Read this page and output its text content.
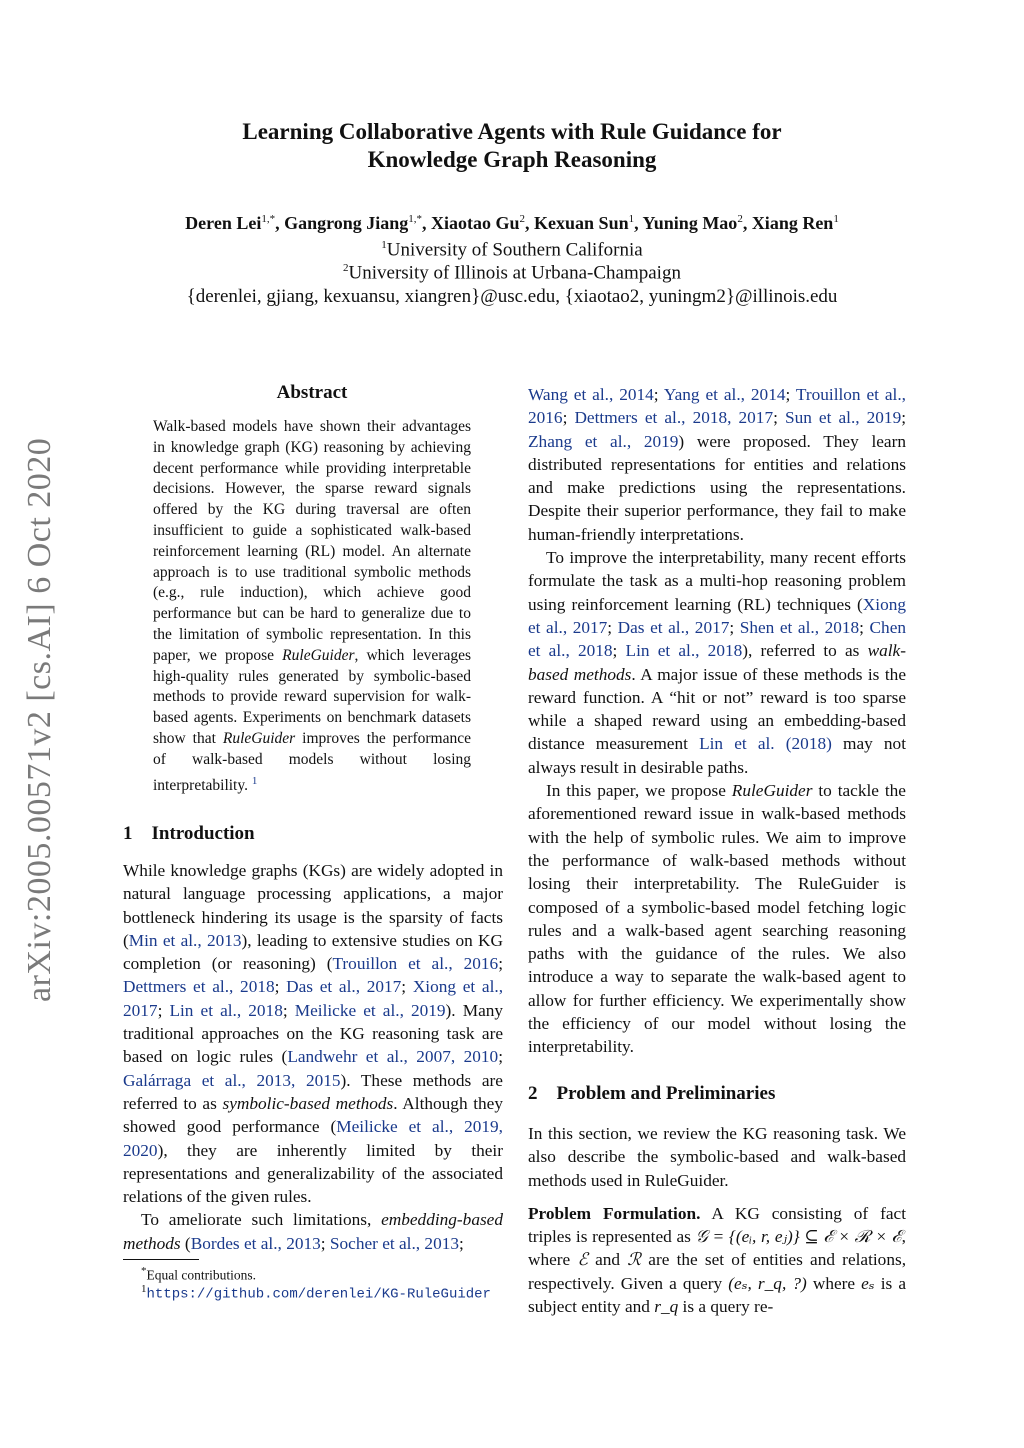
Learning Collaborative Agents with Rule Guidance for
Knowledge Graph Reasoning
Deren Lei$^{1,*}$, Gangrong Jiang$^{1,*}$, Xiaotao Gu$^2$, Kexuan Sun$^1$, Yuning Mao$^2$, Xiang Ren$^1$
$^1$University of Southern California
$^2$University of Illinois at Urbana-Champaign
{derenlei, gjiang, kexuansu, xiangren}@usc.edu, {xiaotao2, yuningm2}@illinois.edu
arXiv:2005.00571v2 [cs.AI] 6 Oct 2020
Abstract
Walk-based models have shown their advantages in knowledge graph (KG) reasoning by achieving decent performance while providing interpretable decisions. However, the sparse reward signals offered by the KG during traversal are often insufficient to guide a sophisticated walk-based reinforcement learning (RL) model. An alternate approach is to use traditional symbolic methods (e.g., rule induction), which achieve good performance but can be hard to generalize due to the limitation of symbolic representation. In this paper, we propose RuleGuider, which leverages high-quality rules generated by symbolic-based methods to provide reward supervision for walk-based agents. Experiments on benchmark datasets show that RuleGuider improves the performance of walk-based models without losing interpretability. $^1$
1 Introduction

While knowledge graphs (KGs) are widely adopted in natural language processing applications, a major bottleneck hindering its usage is the sparsity of facts (Min et al., 2013), leading to extensive studies on KG completion (or reasoning) (Trouillon et al., 2016; Dettmers et al., 2018; Das et al., 2017; Xiong et al., 2017; Lin et al., 2018; Meilicke et al., 2019). Many traditional approaches on the KG reasoning task are based on logic rules (Landwehr et al., 2007, 2010; Galárraga et al., 2013, 2015). These methods are referred to as symbolic-based methods. Although they showed good performance (Meilicke et al., 2019, 2020), they are inherently limited by their representations and generalizability of the associated relations of the given rules.

To ameliorate such limitations, embedding-based methods (Bordes et al., 2013; Socher et al., 2013;

*Equal contributions.
$^1$https://github.com/derenlei/KG-RuleGuider

Wang et al., 2014; Yang et al., 2014; Trouillon et al., 2016; Dettmers et al., 2018, 2017; Sun et al., 2019; Zhang et al., 2019) were proposed. They learn distributed representations for entities and relations and make predictions using the representations. Despite their superior performance, they fail to make human-friendly interpretations.

To improve the interpretability, many recent efforts formulate the task as a multi-hop reasoning problem using reinforcement learning (RL) techniques (Xiong et al., 2017; Das et al., 2017; Shen et al., 2018; Chen et al., 2018; Lin et al., 2018), referred to as walk-based methods. A major issue of these methods is the reward function. A “hit or not” reward is too sparse while a shaped reward using an embedding-based distance measurement Lin et al. (2018) may not always result in desirable paths.

In this paper, we propose RuleGuider to tackle the aforementioned reward issue in walk-based methods with the help of symbolic rules. We aim to improve the performance of walk-based methods without losing their interpretability. The RuleGuider is composed of a symbolic-based model fetching logic rules and a walk-based agent searching reasoning paths with the guidance of the rules. We also introduce a way to separate the walk-based agent to allow for further efficiency. We experimentally show the efficiency of our model without losing the interpretability.

2 Problem and Preliminaries

In this section, we review the KG reasoning task. We also describe the symbolic-based and walk-based methods used in RuleGuider.

Problem Formulation. A KG consisting of fact triples is represented as 𝒢 = {(eᵢ, r, eⱼ)} ⊆ ℰ × ℛ × ℰ, where ℰ and ℛ are the set of entities and relations, respectively. Given a query (eₛ, r_q, ?) where eₛ is a subject entity and r_q is a query re-
